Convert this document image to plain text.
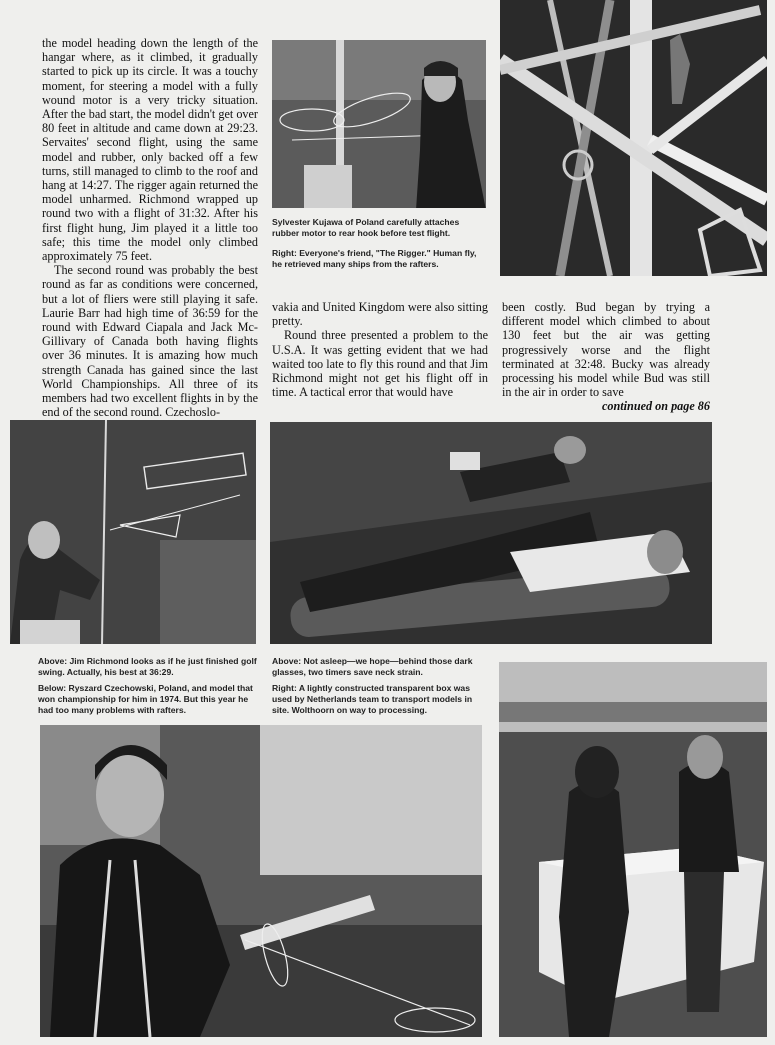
the model heading down the length of the hangar where, as it climbed, it gradually started to pick up its circle. It was a touchy moment, for steering a model with a fully wound motor is a very tricky situation. After the bad start, the model didn't get over 80 feet in altitude and came down at 29:23. Servaites' second flight, using the same model and rubber, only backed off a few turns, still managed to climb to the roof and hang at 14:27. The rigger again returned the model unharmed. Richmond wrapped up round two with a flight of 31:32. After his first flight hung, Jim played it a little too safe; this time the model only climbed approximately 75 feet.

The second round was probably the best round as far as conditions were concerned, but a lot of fliers were still playing it safe. Laurie Barr had high time of 36:59 for the round with Edward Ciapala and Jack Mc-Gillivary of Canada both having flights over 36 minutes. It is amazing how much strength Canada has gained since the last World Championships. All three of its members had two excellent flights in by the end of the second round. Czechoslo-

vakia and United Kingdom were also sitting pretty.

Round three presented a problem to the U.S.A. It was getting evident that we had waited too late to fly this round and that Jim Richmond might not get his flight off in time. A tactical error that would have

been costly. Bud began by trying a different model which climbed to about 130 feet but the air was getting progressively worse and the flight terminated at 32:48. Bucky was already processing his model while Bud was still in the air in order to save

continued on page 86

Sylvester Kujawa of Poland carefully attaches rubber motor to rear hook before test flight.

Right: Everyone's friend, "The Rigger." Human fly, he retrieved many ships from the rafters.

Above: Jim Richmond looks as if he just finished golf swing. Actually, his best at 36:29.

Below: Ryszard Czechowski, Poland, and model that won championship for him in 1974. But this year he had too many problems with rafters.

Above: Not asleep—we hope—behind those dark glasses, two timers save neck strain.

Right: A lightly constructed transparent box was used by Netherlands team to transport models in site. Wolthoorn on way to processing.
